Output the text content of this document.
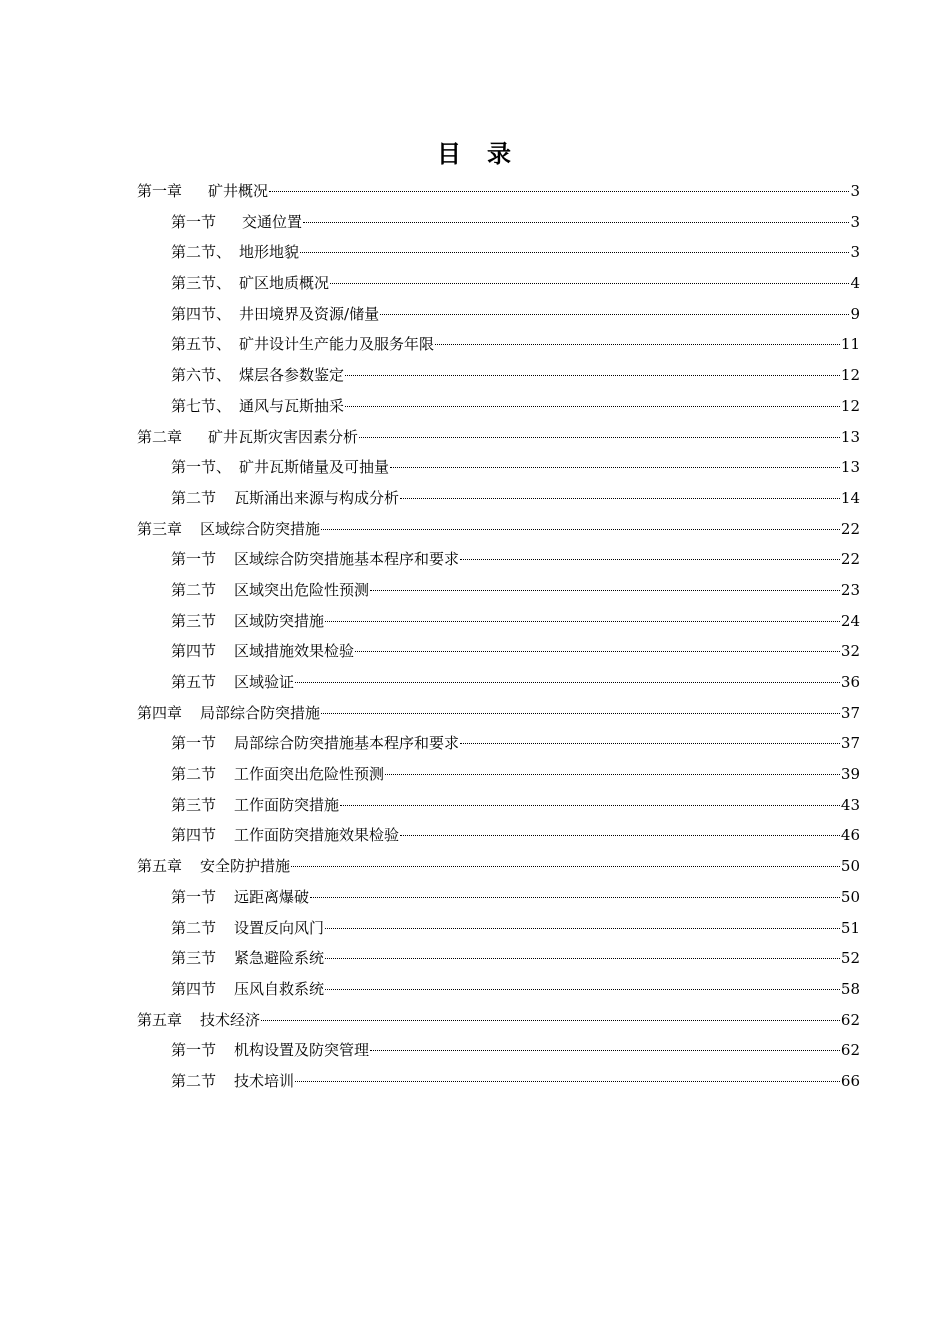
目 录
第一章 矿井概况	3
第一节 交通位置	3
第二节、 地形地貌	3
第三节、 矿区地质概况	4
第四节、 井田境界及资源/储量	9
第五节、 矿井设计生产能力及服务年限	11
第六节、 煤层各参数鉴定	12
第七节、 通风与瓦斯抽采	12
第二章 矿井瓦斯灾害因素分析	13
第一节、 矿井瓦斯储量及可抽量	13
第二节 瓦斯涌出来源与构成分析	14
第三章 区域综合防突措施	22
第一节 区域综合防突措施基本程序和要求	22
第二节 区域突出危险性预测	23
第三节 区域防突措施	24
第四节 区域措施效果检验	32
第五节 区域验证	36
第四章 局部综合防突措施	37
第一节 局部综合防突措施基本程序和要求	37
第二节 工作面突出危险性预测	39
第三节 工作面防突措施	43
第四节 工作面防突措施效果检验	46
第五章 安全防护措施	50
第一节 远距离爆破	50
第二节 设置反向风门	51
第三节 紧急避险系统	52
第四节 压风自救系统	58
第五章 技术经济	62
第一节 机构设置及防突管理	62
第二节 技术培训	66
